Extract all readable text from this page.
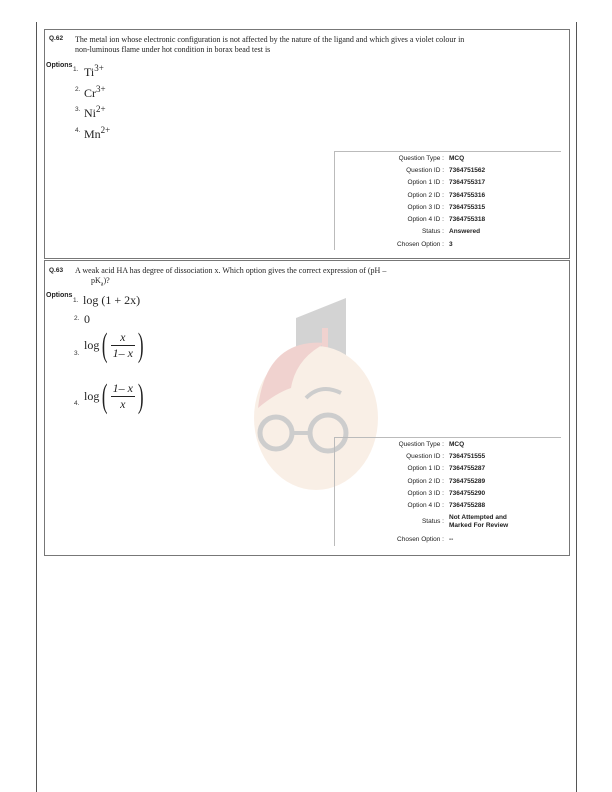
Q.62 The metal ion whose electronic configuration is not affected by the nature of the ligand and which gives a violet colour in non-luminous flame under hot condition in borax bead test is
Options
1. $Ti^{3+}$
2. $Cr^{3+}$
3. $Ni^{2+}$
4. $Mn^{2+}$
Question Type : MCQ
Question ID : 7364751562
Option 1 ID : 7364755317
Option 2 ID : 7364755316
Option 3 ID : 7364755315
Option 4 ID : 7364755318
Status : Answered
Chosen Option : 3
Q.63 A weak acid HA has degree of dissociation x. Which option gives the correct expression of (pH –
$pK_a$)?
Options
1. log (1 + 2x)
2. 0
3.
$\log( \frac{x}{1- x}$ )
4.
$\log( \frac{1- x}{x}$ )
Question Type : MCQ
Question ID : 7364751555
Option 1 ID : 7364755287
Option 2 ID : 7364755289
Option 3 ID : 7364755290
Option 4 ID : 7364755288
Status :
Not Attempted and
Marked For Review
Chosen Option : --
